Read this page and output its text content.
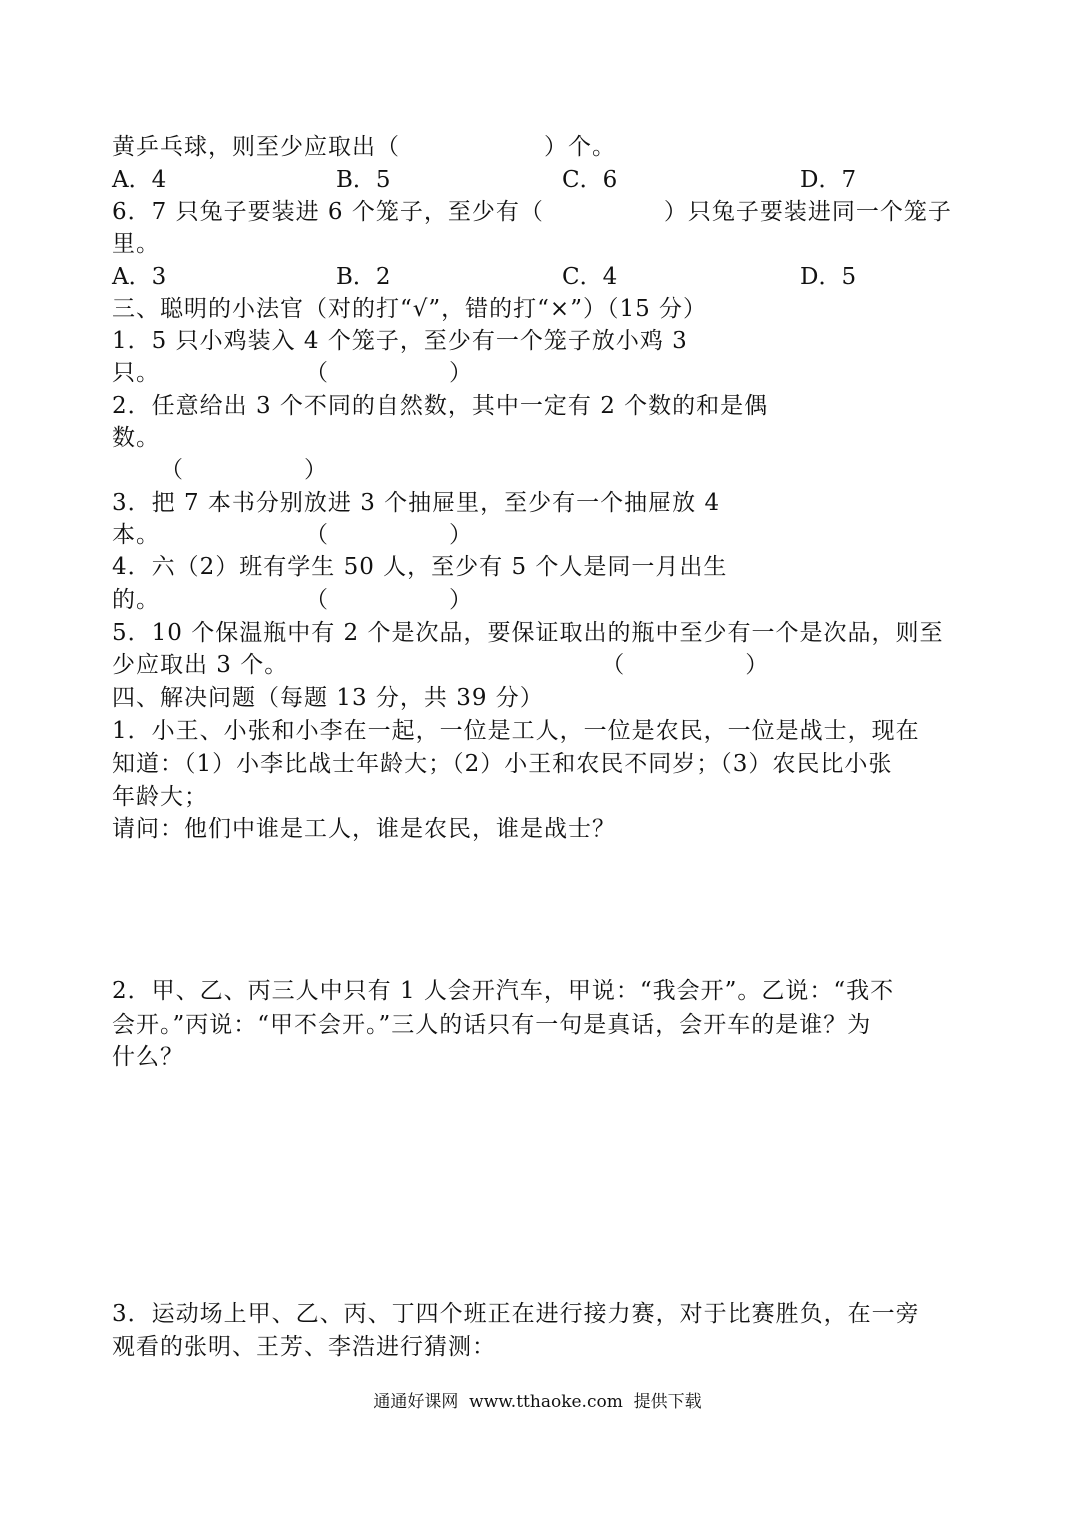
黄乒乓球，则至少应取出（　　　　　　）个。
A．4	B．5	C．6	D．7
6．7 只兔子要装进 6 个笼子，至少有（　　　　　）只兔子要装进同一个笼子
里。
A．3	B．2	C．4	D．5
三、聪明的小法官（对的打“√”，错的打“×”）（15 分）
1．5 只小鸡装入 4 个笼子，至少有一个笼子放小鸡 3
只。　　　　　　　（　　　　　）
2．任意给出 3 个不同的自然数，其中一定有 2 个数的和是偶
数。
（　　　　　）
3．把 7 本书分别放进 3 个抽屉里，至少有一个抽屉放 4
本。　　　　　　　（　　　　　）
4．六（2）班有学生 50 人，至少有 5 个人是同一月出生
的。　　　　　　　（　　　　　）
5．10 个保温瓶中有 2 个是次品，要保证取出的瓶中至少有一个是次品，则至
少应取出 3 个。　　　　　　　　　　　　　　（　　　　　）
四、解决问题（每题 13 分，共 39 分）
1．小王、小张和小李在一起，一位是工人，一位是农民，一位是战士，现在
知道：（1）小李比战士年龄大；（2）小王和农民不同岁；（3）农民比小张
年龄大；
请问：他们中谁是工人，谁是农民，谁是战士？
2．甲、乙、丙三人中只有 1 人会开汽车，甲说：“我会开”。乙说：“我不
会开。”丙说：“甲不会开。”三人的话只有一句是真话，会开车的是谁？为
什么？
3．运动场上甲、乙、丙、丁四个班正在进行接力赛，对于比赛胜负，在一旁
观看的张明、王芳、李浩进行猜测：
通通好课网  www.tthaoke.com  提供下载
